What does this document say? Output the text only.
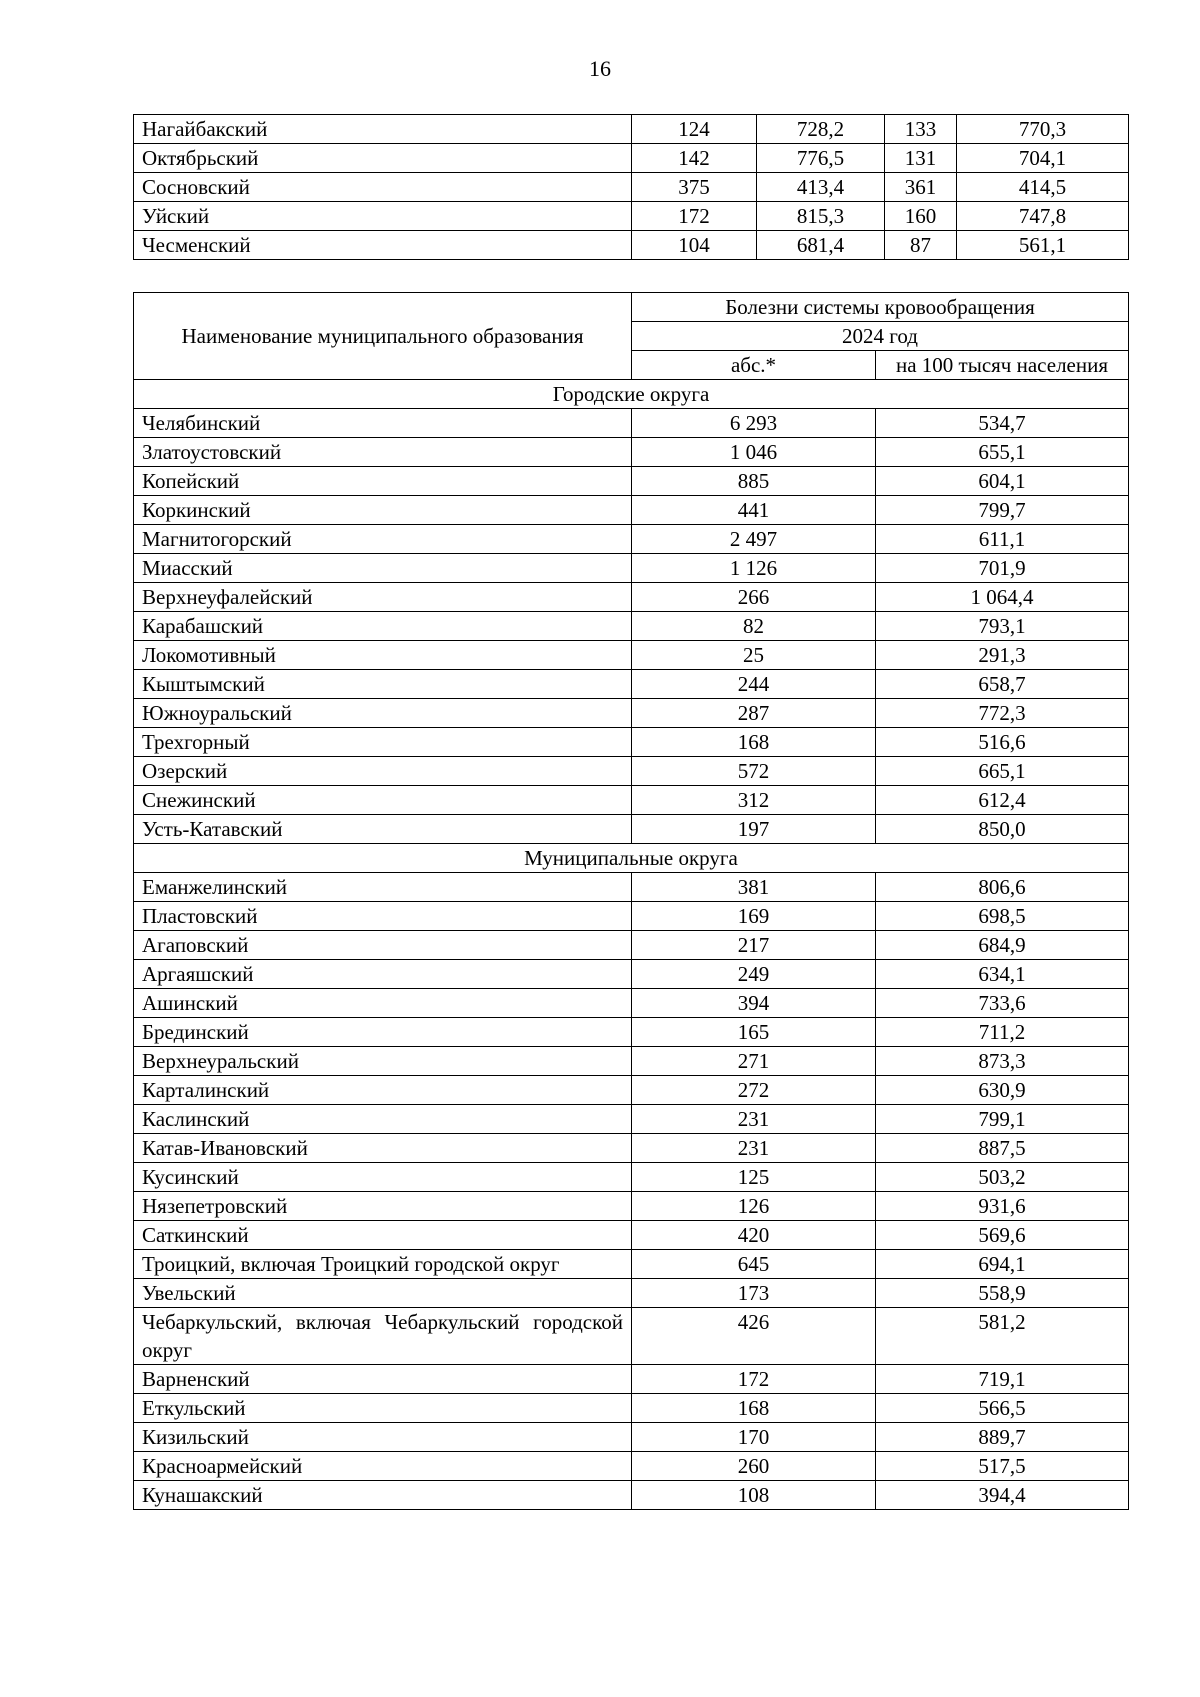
16
Нагайбакский	124	728,2	133	770,3
Октябрьский	142	776,5	131	704,1
Сосновский	375	413,4	361	414,5
Уйский	172	815,3	160	747,8
Чесменский	104	681,4	87	561,1
Наименование муниципального образования	Болезни системы кровообращения	
	2024 год	
	абс.*	на 100 тысяч населения
Городские округа		
Челябинский	6 293	534,7
Златоустовский	1 046	655,1
Копейский	885	604,1
Коркинский	441	799,7
Магнитогорский	2 497	611,1
Миасский	1 126	701,9
Верхнеуфалейский	266	1 064,4
Карабашский	82	793,1
Локомотивный	25	291,3
Кыштымский	244	658,7
Южноуральский	287	772,3
Трехгорный	168	516,6
Озерский	572	665,1
Снежинский	312	612,4
Усть-Катавский	197	850,0
Муниципальные округа		
Еманжелинский	381	806,6
Пластовский	169	698,5
Агаповский	217	684,9
Аргаяшский	249	634,1
Ашинский	394	733,6
Брединский	165	711,2
Верхнеуральский	271	873,3
Карталинский	272	630,9
Каслинский	231	799,1
Катав-Ивановский	231	887,5
Кусинский	125	503,2
Нязепетровский	126	931,6
Саткинский	420	569,6
Троицкий, включая Троицкий городской округ	645	694,1
Увельский	173	558,9
Чебаркульский, включая Чебаркульский городской округ	426	581,2
Варненский	172	719,1
Еткульский	168	566,5
Кизильский	170	889,7
Красноармейский	260	517,5
Кунашакский	108	394,4
